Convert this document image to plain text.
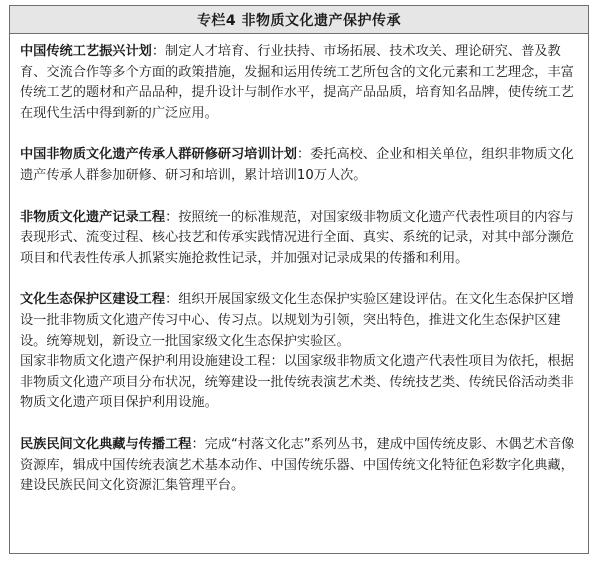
专栏4 非物质文化遗产保护传承

中国传统工艺振兴计划：制定人才培育、行业扶持、市场拓展、技术攻关、理论研究、普及教育、交流合作等多个方面的政策措施，发掘和运用传统工艺所包含的文化元素和工艺理念，丰富传统工艺的题材和产品品种，提升设计与制作水平，提高产品品质，培育知名品牌，使传统工艺在现代生活中得到新的广泛应用。

中国非物质文化遗产传承人群研修研习培训计划：委托高校、企业和相关单位，组织非物质文化遗产传承人群参加研修、研习和培训，累计培训10万人次。

非物质文化遗产记录工程：按照统一的标准规范，对国家级非物质文化遗产代表性项目的内容与表现形式、流变过程、核心技艺和传承实践情况进行全面、真实、系统的记录，对其中部分濒危项目和代表性传承人抓紧实施抢救性记录，并加强对记录成果的传播和利用。

文化生态保护区建设工程：组织开展国家级文化生态保护实验区建设评估。在文化生态保护区增设一批非物质文化遗产传习中心、传习点。以规划为引领，突出特色，推进文化生态保护区建设。统筹规划，新设立一批国家级文化生态保护实验区。

国家非物质文化遗产保护利用设施建设工程：以国家级非物质文化遗产代表性项目为依托，根据非物质文化遗产项目分布状况，统筹建设一批传统表演艺术类、传统技艺类、传统民俗活动类非物质文化遗产项目保护利用设施。

民族民间文化典藏与传播工程：完成“村落文化志”系列丛书，建成中国传统皮影、木偶艺术音像资源库，辑成中国传统表演艺术基本动作、中国传统乐器、中国传统文化特征色彩数字化典藏，建设民族民间文化资源汇集管理平台。
